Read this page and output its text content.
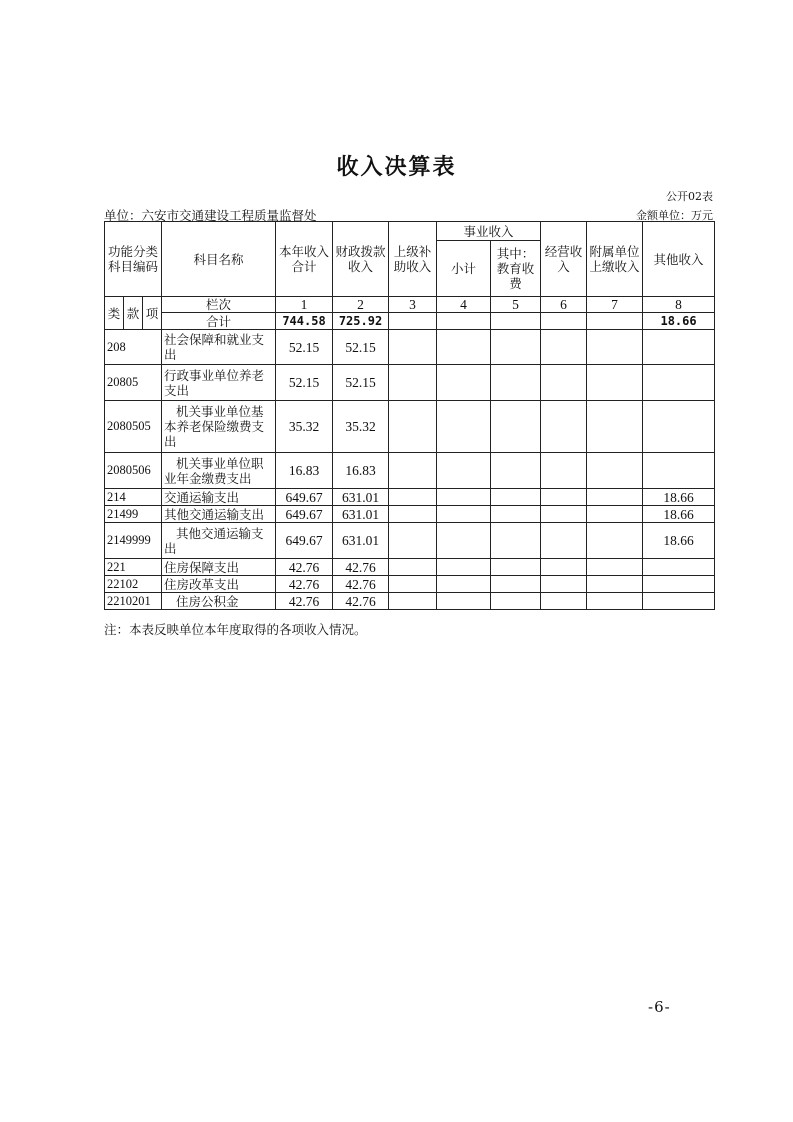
收入决算表
公开02表
单位：六安市交通建设工程质量监督处	金额单位：万元
功能分类科目编码			科目名称	本年收入合计	财政拨款收入	上级补助收入	事业收入		经营收入	附属单位上缴收入	其他收入
							小计	其中：教育收费			
类	款	项	栏次	1	2	3	4	5	6	7	8
			合计	744.58	725.92						18.66
208			社会保障和就业支出	52.15	52.15						
20805			行政事业单位养老支出	52.15	52.15						
2080505			机关事业单位基本养老保险缴费支出	35.32	35.32						
2080506			机关事业单位职业年金缴费支出	16.83	16.83						
214			交通运输支出	649.67	631.01						18.66
21499			其他交通运输支出	649.67	631.01						18.66
2149999			其他交通运输支出	649.67	631.01						18.66
221			住房保障支出	42.76	42.76						
22102			住房改革支出	42.76	42.76						
2210201			住房公积金	42.76	42.76						
注：本表反映单位本年度取得的各项收入情况。
-6-
